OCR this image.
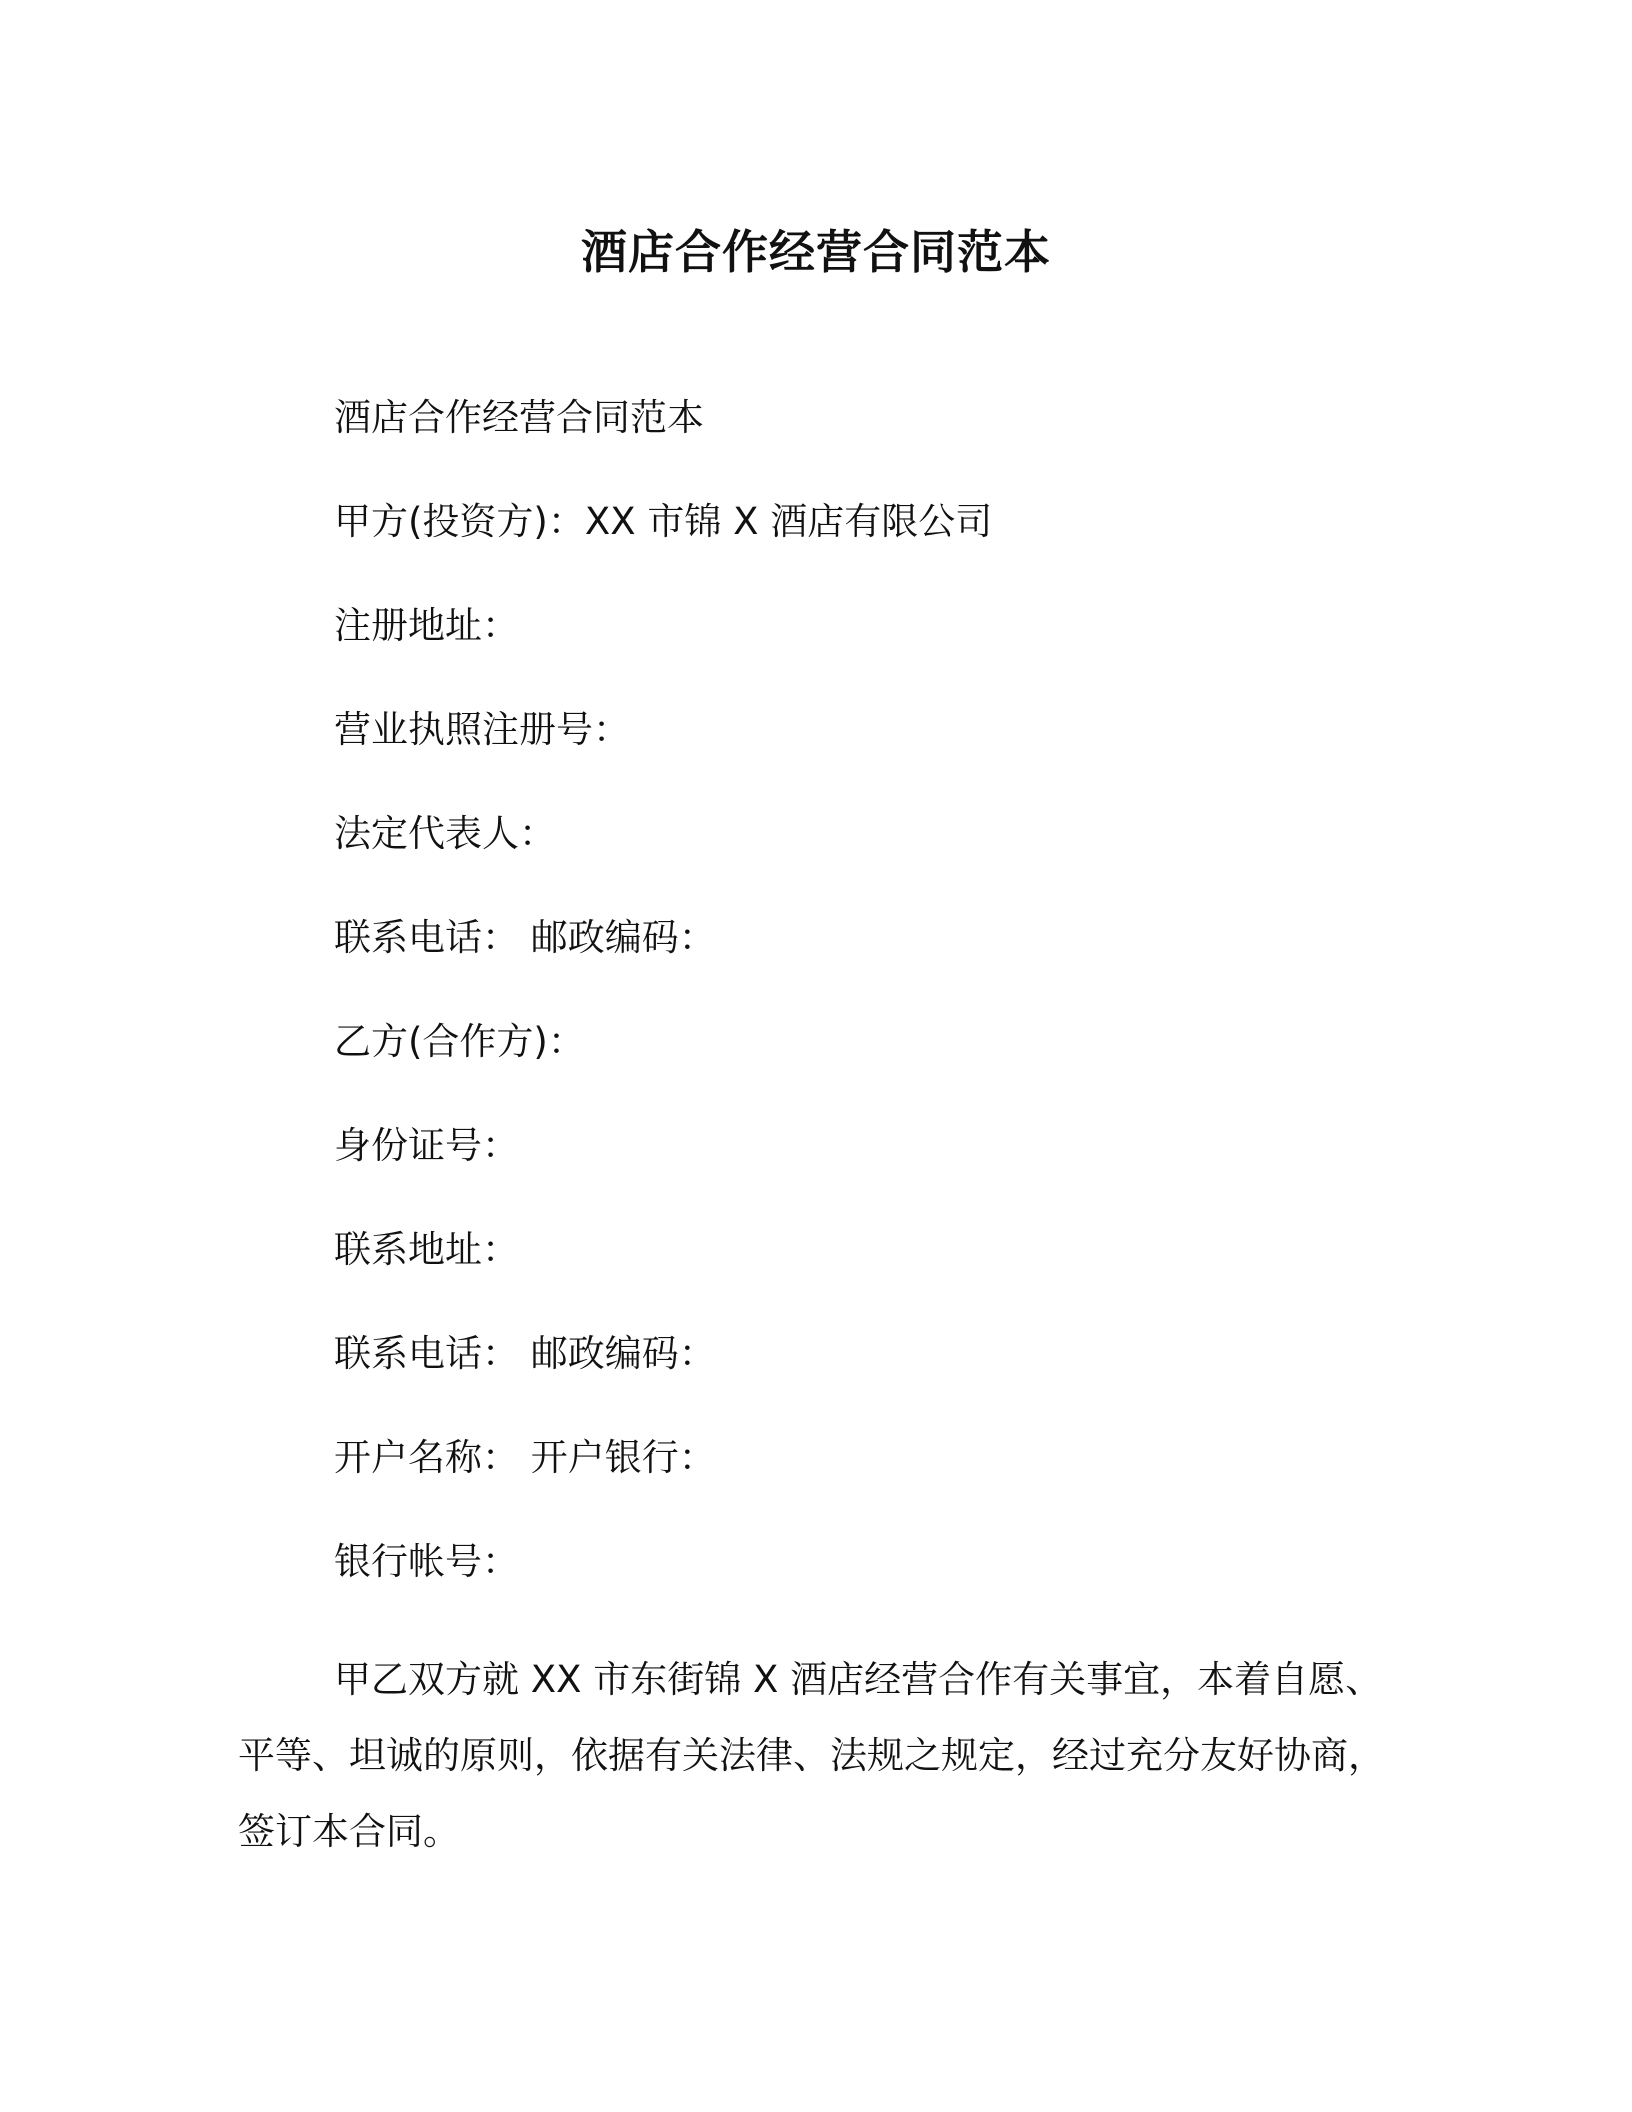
酒店合作经营合同范本
酒店合作经营合同范本
甲方(投资方)：XX 市锦 X 酒店有限公司
注册地址：
营业执照注册号：
法定代表人：
联系电话： 邮政编码：
乙方(合作方)：
身份证号：
联系地址：
联系电话： 邮政编码：
开户名称： 开户银行：
银行帐号：

甲乙双方就 XX 市东街锦 X 酒店经营合作有关事宜，本着自愿、平等、坦诚的原则，依据有关法律、法规之规定，经过充分友好协商，签订本合同。
